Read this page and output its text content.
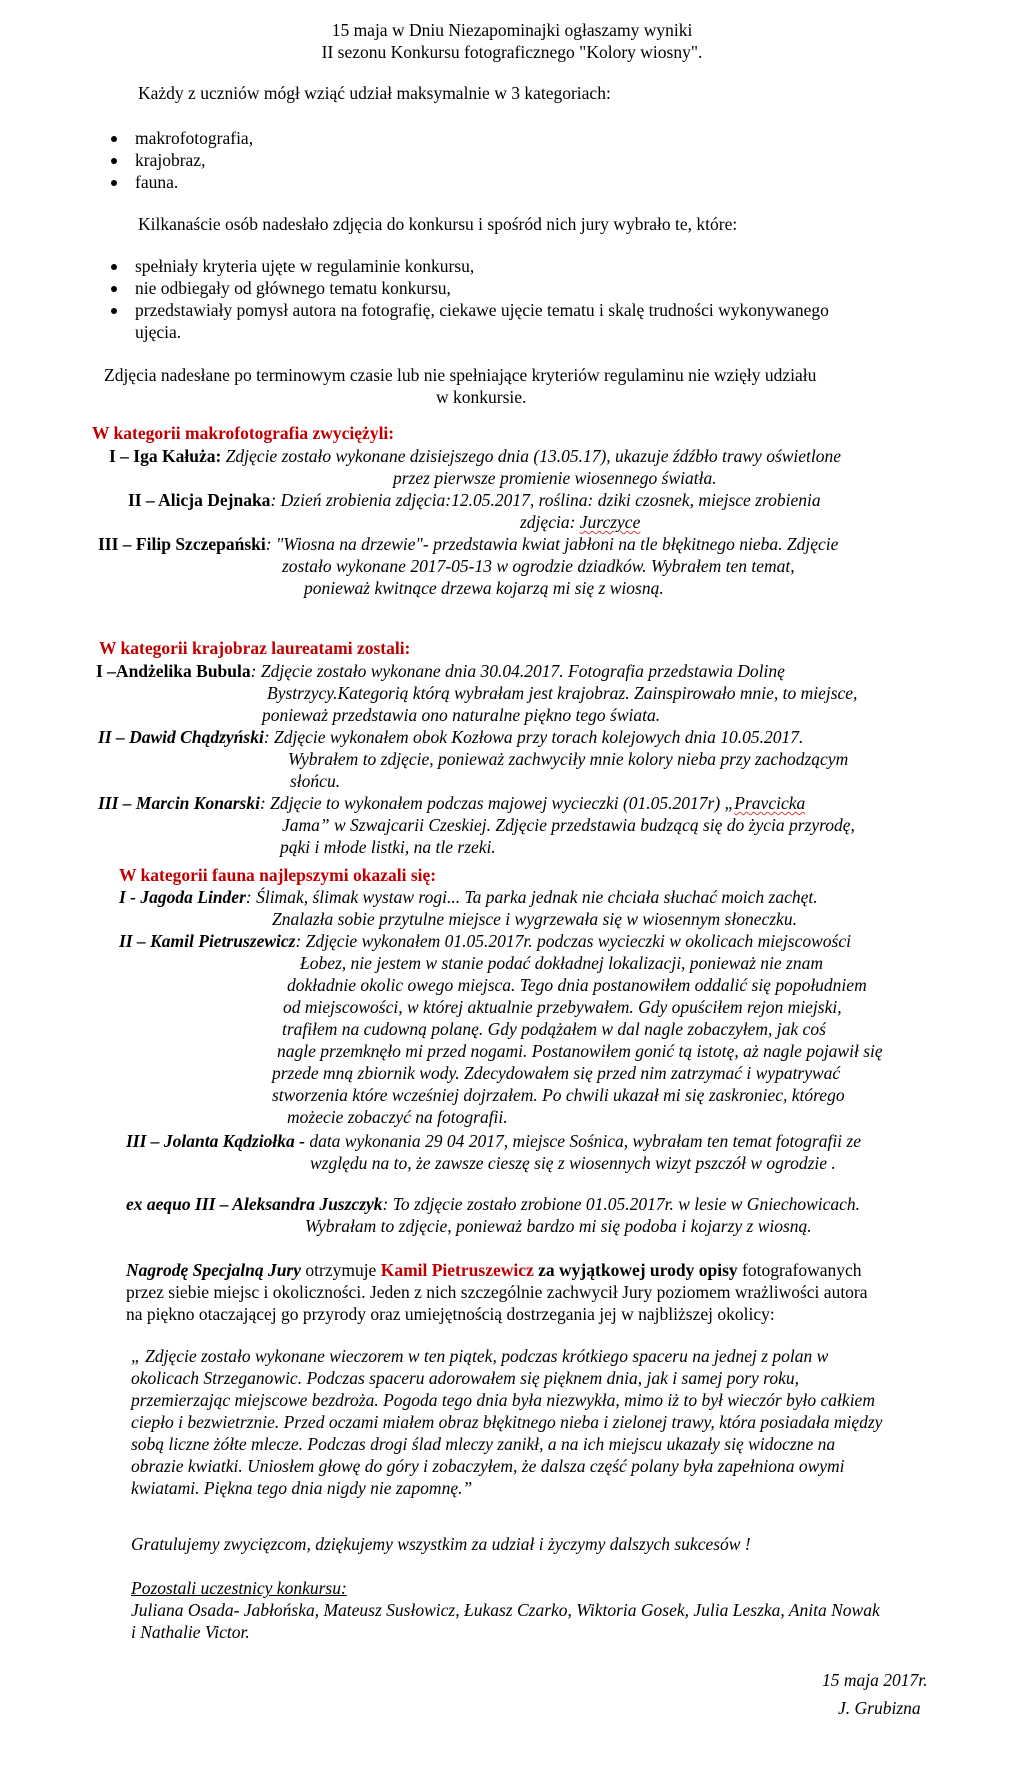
15 maja w Dniu Niezapominajki ogłaszamy wyniki
II sezonu Konkursu fotograficznego "Kolory wiosny".
Każdy z uczniów mógł wziąć udział maksymalnie w 3 kategoriach:
makrofotografia,
krajobraz,
fauna.
Kilkanaście osób nadesłało zdjęcia do konkursu i spośród nich jury wybrało te, które:
spełniały kryteria ujęte w regulaminie konkursu,
nie odbiegały od głównego tematu konkursu,
przedstawiały pomysł autora na fotografię, ciekawe ujęcie tematu i skalę trudności wykonywanego
ujęcia.
Zdjęcia nadesłane po terminowym czasie lub nie spełniające kryteriów regulaminu nie wzięły udziału
w konkursie.
W kategorii makrofotografia zwyciężyli:
I – Iga Kałuża: Zdjęcie zostało wykonane dzisiejszego dnia (13.05.17), ukazuje źdźbło trawy oświetlone
przez pierwsze promienie wiosennego światła.
II – Alicja Dejnaka: Dzień zrobienia zdjęcia:12.05.2017, roślina: dziki czosnek, miejsce zrobienia
zdjęcia: Jurczyce
III – Filip Szczepański: "Wiosna na drzewie"- przedstawia kwiat jabłoni na tle błękitnego nieba. Zdjęcie
zostało wykonane 2017-05-13 w ogrodzie dziadków. Wybrałem ten temat,
ponieważ kwitnące drzewa kojarzą mi się z wiosną.
W kategorii krajobraz laureatami zostali:
I –Andżelika Bubula: Zdjęcie zostało wykonane dnia 30.04.2017. Fotografia przedstawia Dolinę
Bystrzycy.Kategorią którą wybrałam jest krajobraz. Zainspirowało mnie, to miejsce,
ponieważ przedstawia ono naturalne piękno tego świata.
II – Dawid Chądzyński: Zdjęcie wykonałem obok Kozłowa przy torach kolejowych dnia 10.05.2017.
Wybrałem to zdjęcie, ponieważ zachwyciły mnie kolory nieba przy zachodzącym
słońcu.
III – Marcin Konarski: Zdjęcie to wykonałem podczas majowej wycieczki (01.05.2017r) „Pravcicka
Jama” w Szwajcarii Czeskiej. Zdjęcie przedstawia budzącą się do życia przyrodę,
pąki i młode listki, na tle rzeki.
W kategorii fauna najlepszymi okazali się:
I - Jagoda Linder: Ślimak, ślimak wystaw rogi... Ta parka jednak nie chciała słuchać moich zachęt.
Znalazła sobie przytulne miejsce i wygrzewała się w wiosennym słoneczku.
II – Kamil Pietruszewicz: Zdjęcie wykonałem 01.05.2017r. podczas wycieczki w okolicach miejscowości
Łobez, nie jestem w stanie podać dokładnej lokalizacji, ponieważ nie znam
dokładnie okolic owego miejsca. Tego dnia postanowiłem oddalić się popołudniem
od miejscowości, w której aktualnie przebywałem. Gdy opuściłem rejon miejski,
trafiłem na cudowną polanę. Gdy podążałem w dal nagle zobaczyłem, jak coś
nagle przemknęło mi przed nogami. Postanowiłem gonić tą istotę, aż nagle pojawił się
przede mną zbiornik wody. Zdecydowałem się przed nim zatrzymać i wypatrywać
stworzenia które wcześniej dojrzałem. Po chwili ukazał mi się zaskroniec, którego
możecie zobaczyć na fotografii.
III – Jolanta Kądziołka - data wykonania 29 04 2017, miejsce Sośnica, wybrałam ten temat fotografii ze
względu na to, że zawsze cieszę się z wiosennych wizyt pszczół w ogrodzie .
ex aequo III – Aleksandra Juszczyk: To zdjęcie zostało zrobione 01.05.2017r. w lesie w Gniechowicach.
Wybrałam to zdjęcie, ponieważ bardzo mi się podoba i kojarzy z wiosną.
Nagrodę Specjalną Jury otrzymuje Kamil Pietruszewicz za wyjątkowej urody opisy fotografowanych
przez siebie miejsc i okoliczności. Jeden z nich szczególnie zachwycił Jury poziomem wrażliwości autora
na piękno otaczającej go przyrody oraz umiejętnością dostrzegania jej w najbliższej okolicy:
„ Zdjęcie zostało wykonane wieczorem w ten piątek, podczas krótkiego spaceru na jednej z polan w
okolicach Strzeganowic. Podczas spaceru adorowałem się pięknem dnia, jak i samej pory roku,
przemierzając miejscowe bezdroża. Pogoda tego dnia była niezwykła, mimo iż to był wieczór było całkiem
ciepło i bezwietrznie. Przed oczami miałem obraz błękitnego nieba i zielonej trawy, która posiadała między
sobą liczne żółte mlecze. Podczas drogi ślad mleczy zanikł, a na ich miejscu ukazały się widoczne na
obrazie kwiatki. Uniosłem głowę do góry i zobaczyłem, że dalsza część polany była zapełniona owymi
kwiatami. Piękna tego dnia nigdy nie zapomnę.”
Gratulujemy zwycięzcom, dziękujemy wszystkim za udział i życzymy dalszych sukcesów !
Pozostali uczestnicy konkursu:
Juliana Osada- Jabłońska, Mateusz Susłowicz, Łukasz Czarko, Wiktoria Gosek, Julia Leszka, Anita Nowak
i Nathalie Victor.
15 maja 2017r.
J. Grubizna
